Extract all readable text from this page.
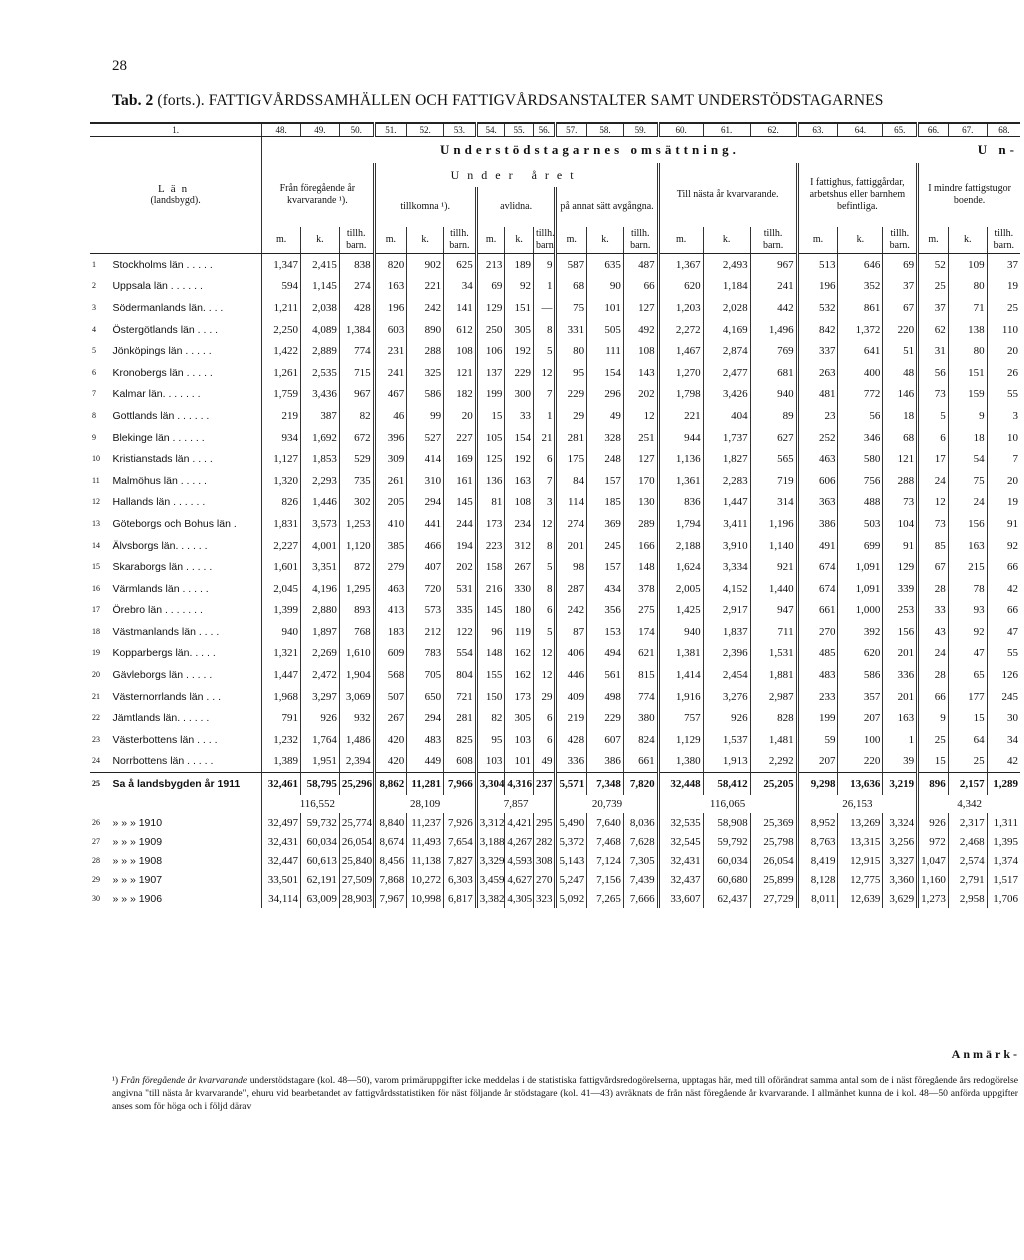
28
Tab. 2 (forts.). FATTIGVÅRDSSAMHÄLLEN OCH FATTIGVÅRDSANSTALTER SAMT UNDERSTÖDSTAGARNES
1.		48.	49.	50.	51.	52.	53.	54.	55.	56.	57.	58.	59.	60.	61.	62.	63.	64.	65.	66.	67.	68.
		Understödstagarnes omsättning.																		U n-		

Län
(landsbygd).		Från föregående år kvarvarande ¹).			Under året									Till nästa år kvarvarande.			I fattighus, fattiggårdar, arbetshus eller barnhem befintliga.			I mindre fattigstugor boende.		
					tillkomna ¹).			avlidna.			på annat sätt avgångna.											
		m.	k.	tillh. barn.	m.	k.	tillh. barn.	m.	k.	tillh. barn.	m.	k.	tillh. barn.	m.	k.	tillh. barn.	m.	k.	tillh. barn.	m.	k.	tillh. barn.
1	Stockholms län . . . . .	1,347	2,415	838	820	902	625	213	189	9	587	635	487	1,367	2,493	967	513	646	69	52	109	37
2	Uppsala län . . . . . .	594	1,145	274	163	221	34	69	92	1	68	90	66	620	1,184	241	196	352	37	25	80	19
3	Södermanlands län. . . .	1,211	2,038	428	196	242	141	129	151	—	75	101	127	1,203	2,028	442	532	861	67	37	71	25
4	Östergötlands län . . . .	2,250	4,089	1,384	603	890	612	250	305	8	331	505	492	2,272	4,169	1,496	842	1,372	220	62	138	110
5	Jönköpings län . . . . .	1,422	2,889	774	231	288	108	106	192	5	80	111	108	1,467	2,874	769	337	641	51	31	80	20
6	Kronobergs län . . . . .	1,261	2,535	715	241	325	121	137	229	12	95	154	143	1,270	2,477	681	263	400	48	56	151	26
7	Kalmar län. . . . . . .	1,759	3,436	967	467	586	182	199	300	7	229	296	202	1,798	3,426	940	481	772	146	73	159	55
8	Gottlands län . . . . . .	219	387	82	46	99	20	15	33	1	29	49	12	221	404	89	23	56	18	5	9	3
9	Blekinge län . . . . . .	934	1,692	672	396	527	227	105	154	21	281	328	251	944	1,737	627	252	346	68	6	18	10
10	Kristianstads län . . . .	1,127	1,853	529	309	414	169	125	192	6	175	248	127	1,136	1,827	565	463	580	121	17	54	7
11	Malmöhus län . . . . .	1,320	2,293	735	261	310	161	136	163	7	84	157	170	1,361	2,283	719	606	756	288	24	75	20
12	Hallands län . . . . . .	826	1,446	302	205	294	145	81	108	3	114	185	130	836	1,447	314	363	488	73	12	24	19
13	Göteborgs och Bohus län .	1,831	3,573	1,253	410	441	244	173	234	12	274	369	289	1,794	3,411	1,196	386	503	104	73	156	91
14	Älvsborgs län. . . . . .	2,227	4,001	1,120	385	466	194	223	312	8	201	245	166	2,188	3,910	1,140	491	699	91	85	163	92
15	Skaraborgs län . . . . .	1,601	3,351	872	279	407	202	158	267	5	98	157	148	1,624	3,334	921	674	1,091	129	67	215	66
16	Värmlands län . . . . .	2,045	4,196	1,295	463	720	531	216	330	8	287	434	378	2,005	4,152	1,440	674	1,091	339	28	78	42
17	Örebro län . . . . . . .	1,399	2,880	893	413	573	335	145	180	6	242	356	275	1,425	2,917	947	661	1,000	253	33	93	66
18	Västmanlands län . . . .	940	1,897	768	183	212	122	96	119	5	87	153	174	940	1,837	711	270	392	156	43	92	47
19	Kopparbergs län. . . . .	1,321	2,269	1,610	609	783	554	148	162	12	406	494	621	1,381	2,396	1,531	485	620	201	24	47	55
20	Gävleborgs län . . . . .	1,447	2,472	1,904	568	705	804	155	162	12	446	561	815	1,414	2,454	1,881	483	586	336	28	65	126
21	Västernorrlands län . . .	1,968	3,297	3,069	507	650	721	150	173	29	409	498	774	1,916	3,276	2,987	233	357	201	66	177	245
22	Jämtlands län. . . . . .	791	926	932	267	294	281	82	305	6	219	229	380	757	926	828	199	207	163	9	15	30
23	Västerbottens län . . . .	1,232	1,764	1,486	420	483	825	95	103	6	428	607	824	1,129	1,537	1,481	59	100	1	25	64	34
24	Norrbottens län . . . . .	1,389	1,951	2,394	420	449	608	103	101	49	336	386	661	1,380	1,913	2,292	207	220	39	15	25	42
25	Sa å landsbygden år 1911	32,461	58,795	25,296	8,862	11,281	7,966	3,304	4,316	237	5,571	7,348	7,820	32,448	58,412	25,205	9,298	13,636	3,219	896	2,157	1,289
		116,552			28,109			7,857			20,739			116,065			26,153			4,342		
26	» » » 1910	32,497	59,732	25,774	8,840	11,237	7,926	3,312	4,421	295	5,490	7,640	8,036	32,535	58,908	25,369	8,952	13,269	3,324	926	2,317	1,311
27	» » » 1909	32,431	60,034	26,054	8,674	11,493	7,654	3,188	4,267	282	5,372	7,468	7,628	32,545	59,792	25,798	8,763	13,315	3,256	972	2,468	1,395
28	» » » 1908	32,447	60,613	25,840	8,456	11,138	7,827	3,329	4,593	308	5,143	7,124	7,305	32,431	60,034	26,054	8,419	12,915	3,327	1,047	2,574	1,374
29	» » » 1907	33,501	62,191	27,509	7,868	10,272	6,303	3,459	4,627	270	5,247	7,156	7,439	32,437	60,680	25,899	8,128	12,775	3,360	1,160	2,791	1,517
30	» » » 1906	34,114	63,009	28,903	7,967	10,998	6,817	3,382	4,305	323	5,092	7,265	7,666	33,607	62,437	27,729	8,011	12,639	3,629	1,273	2,958	1,706
Anmärk-
¹) Från föregående år kvarvarande understödstagare (kol. 48—50), varom primäruppgifter icke meddelas i de statistiska fattigvårdsredogörelserna, upptagas här, med till oförändrat samma antal som de i näst föregående års redogörelse angivna "till nästa år kvarvarande", ehuru vid bearbetandet av fattigvårdsstatistiken för näst följande år stödstagare (kol. 41—43) avräknats de från näst föregående år kvarvarande. I allmänhet kunna de i kol. 48—50 anförda uppgifter anses som för höga och i följd därav
